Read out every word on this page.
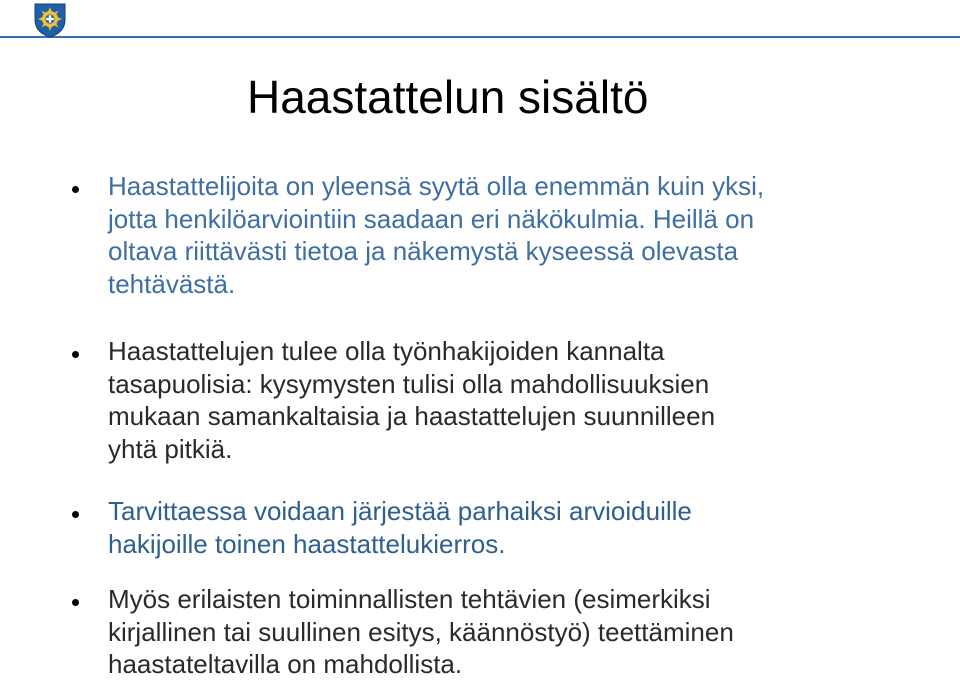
Haastattelun sisältö

Haastattelijoita on yleensä syytä olla enemmän kuin yksi,
jotta henkilöarviointiin saadaan eri näkökulmia. Heillä on
oltava riittävästi tietoa ja näkemystä kyseessä olevasta
tehtävästä.

Haastattelujen tulee olla työnhakijoiden kannalta
tasapuolisia: kysymysten tulisi olla mahdollisuuksien
mukaan samankaltaisia ja haastattelujen suunnilleen
yhtä pitkiä.

Tarvittaessa voidaan järjestää parhaiksi arvioiduille
hakijoille toinen haastattelukierros.

Myös erilaisten toiminnallisten tehtävien (esimerkiksi
kirjallinen tai suullinen esitys, käännöstyö) teettäminen
haastateltavilla on mahdollista.
